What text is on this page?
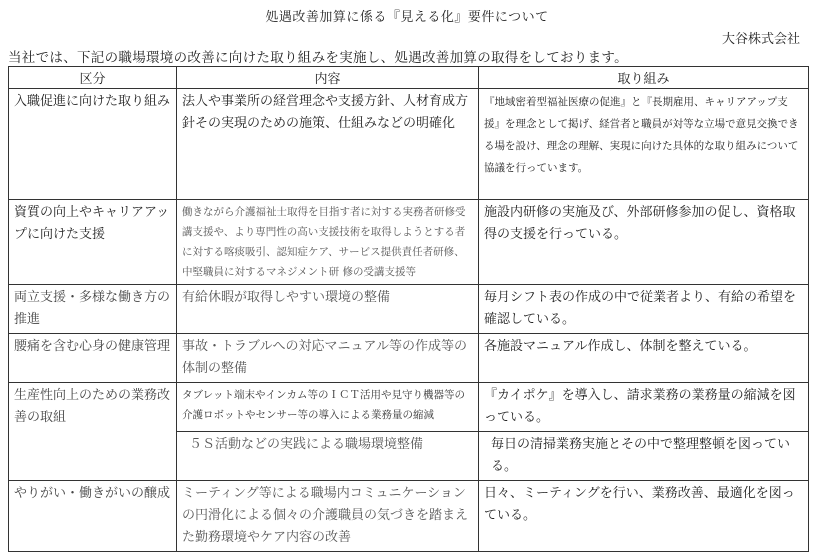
処遇改善加算に係る『見える化』要件について
大谷株式会社
当社では、下記の職場環境の改善に向けた取り組みを実施し、処遇改善加算の取得をしております。
区分	内容	取り組み
入職促進に向けた取り組み	法人や事業所の経営理念や支援方針、人材育成方針その実現のための施策、仕組みなどの明確化	『地域密着型福祉医療の促進』と『長期雇用、キャリアアップ支援』を理念として掲げ、経営者と職員が対等な立場で意見交換できる場を設け、理念の理解、実現に向けた具体的な取り組みについて協議を行っています。
資質の向上やキャリアアップに向けた支援	働きながら介護福祉士取得を目指す者に対する実務者研修受講支援や、より専門性の高い支援技術を取得しようとする者に対する喀痰吸引、認知症ケア、サービス提供責任者研修、中堅職員に対するマネジメント研 修の受講支援等	施設内研修の実施及び、外部研修参加の促し、資格取得の支援を行っている。
両立支援・多様な働き方の推進	有給休暇が取得しやすい環境の整備	毎月シフト表の作成の中で従業者より、有給の希望を確認している。
腰痛を含む心身の健康管理	事故・トラブルへの対応マニュアル等の作成等の体制の整備	各施設マニュアル作成し、体制を整えている。
生産性向上のための業務改善の取組	タブレット端末やインカム等のＩＣＴ活用や見守り機器等の介護ロボットやセンサー等の導入による業務量の縮減	『カイポケ』を導入し、請求業務の業務量の縮減を図っている。
	５Ｓ活動などの実践による職場環境整備	毎日の清掃業務実施とその中で整理整頓を図っている。
やりがい・働きがいの醸成	ミーティング等による職場内コミュニケーションの円滑化による個々の介護職員の気づきを踏まえた勤務環境やケア内容の改善	日々、ミーティングを行い、業務改善、最適化を図っている。
